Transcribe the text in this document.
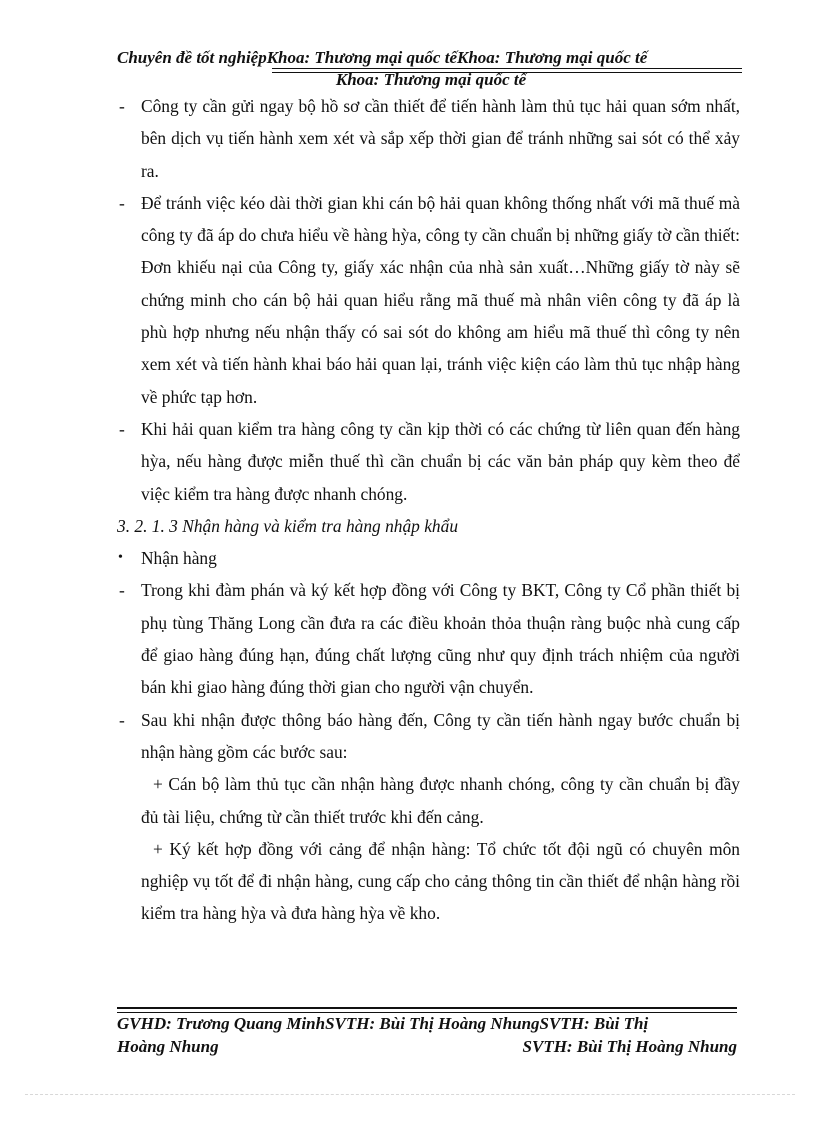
Chuyên đề tốt nghiệpKhoa: Thương mại quốc tếKhoa: Thương mại quốc tế
Khoa: Thương mại quốc tế
- Công ty cần gửi ngay bộ hồ sơ cần thiết để tiến hành làm thủ tục hải quan sớm nhất, bên dịch vụ tiến hành xem xét và sắp xếp thời gian để tránh những sai sót có thể xảy ra.
- Để tránh việc kéo dài thời gian khi cán bộ hải quan không thống nhất với mã thuế mà công ty đã áp do chưa hiểu về hàng hỳa, công ty cần chuẩn bị những giấy tờ cần thiết: Đơn khiếu nại của Công ty, giấy xác nhận của nhà sản xuất…Những giấy tờ này sẽ chứng minh cho cán bộ hải quan hiểu rằng mã thuế mà nhân viên công ty đã áp là phù hợp nhưng nếu nhận thấy có sai sót do không am hiểu mã thuế thì công ty nên xem xét và tiến hành khai báo hải quan lại, tránh việc kiện cáo làm thủ tục nhập hàng về phức tạp hơn.
- Khi hải quan kiểm tra hàng công ty cần kịp thời có các chứng từ liên quan đến hàng hỳa, nếu hàng được miễn thuế thì cần chuẩn bị các văn bản pháp quy kèm theo để việc kiểm tra hàng được nhanh chóng.
3. 2. 1. 3 Nhận hàng và kiểm tra hàng nhập khẩu
• Nhận hàng
- Trong khi đàm phán và ký kết hợp đồng với Công ty BKT, Công ty Cổ phần thiết bị phụ tùng Thăng Long cần đưa ra các điều khoản thỏa thuận ràng buộc nhà cung cấp để giao hàng đúng hạn, đúng chất lượng cũng như quy định trách nhiệm của người bán khi giao hàng đúng thời gian cho người vận chuyển.
- Sau khi nhận được thông báo hàng đến, Công ty cần tiến hành ngay bước chuẩn bị nhận hàng gồm các bước sau:
+ Cán bộ làm thủ tục cần nhận hàng được nhanh chóng, công ty cần chuẩn bị đầy đủ tài liệu, chứng từ cần thiết trước khi đến cảng.
+ Ký kết hợp đồng với cảng để nhận hàng: Tổ chức tốt đội ngũ có chuyên môn nghiệp vụ tốt để đi nhận hàng, cung cấp cho cảng thông tin cần thiết để nhận hàng rồi kiểm tra hàng hỳa và đưa hàng hỳa về kho.
GVHD: Trương Quang MinhSVTH: Bùi Thị Hoàng NhungSVTH: Bùi Thị
Hoàng Nhung	SVTH: Bùi Thị Hoàng Nhung
